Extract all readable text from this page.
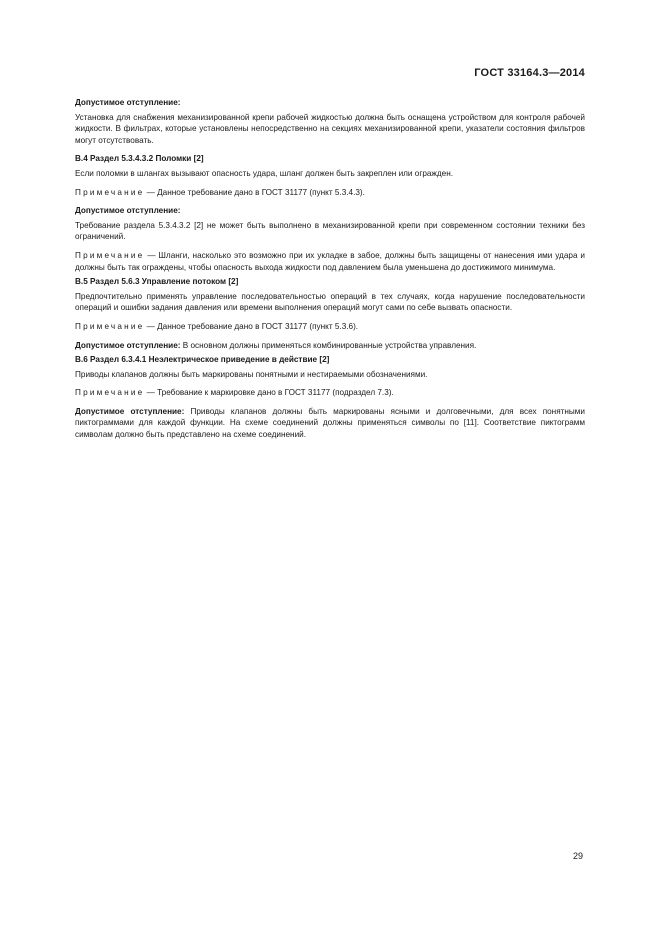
ГОСТ 33164.3—2014

Допустимое отступление:

Установка для снабжения механизированной крепи рабочей жидкостью должна быть оснащена устройством для контроля рабочей жидкости. В фильтрах, которые установлены непосредственно на секциях механизированной крепи, указатели состояния фильтров могут отсутствовать.

В.4 Раздел 5.3.4.3.2 Поломки [2]

Если поломки в шлангах вызывают опасность удара, шланг должен быть закреплен или огражден.

Примечание — Данное требование дано в ГОСТ 31177 (пункт 5.3.4.3).

Допустимое отступление:

Требование раздела 5.3.4.3.2 [2] не может быть выполнено в механизированной крепи при современном состоянии техники без ограничений.

Примечание — Шланги, насколько это возможно при их укладке в забое, должны быть защищены от нанесения ими удара и должны быть так ограждены, чтобы опасность выхода жидкости под давлением была уменьшена до достижимого минимума.

В.5 Раздел 5.6.3 Управление потоком [2]

Предпочтительно применять управление последовательностью операций в тех случаях, когда нарушение последовательности операций и ошибки задания давления или времени выполнения операций могут сами по себе вызвать опасности.

Примечание — Данное требование дано в ГОСТ 31177 (пункт 5.3.6).

Допустимое отступление: В основном должны применяться комбинированные устройства управления.

В.6 Раздел 6.3.4.1 Неэлектрическое приведение в действие [2]

Приводы клапанов должны быть маркированы понятными и нестираемыми обозначениями.

Примечание — Требование к маркировке дано в ГОСТ 31177 (подраздел 7.3).

Допустимое отступление: Приводы клапанов должны быть маркированы ясными и долговечными, для всех понятными пиктограммами для каждой функции. На схеме соединений должны применяться символы по [11]. Соответствие пиктограмм символам должно быть представлено на схеме соединений.

29
